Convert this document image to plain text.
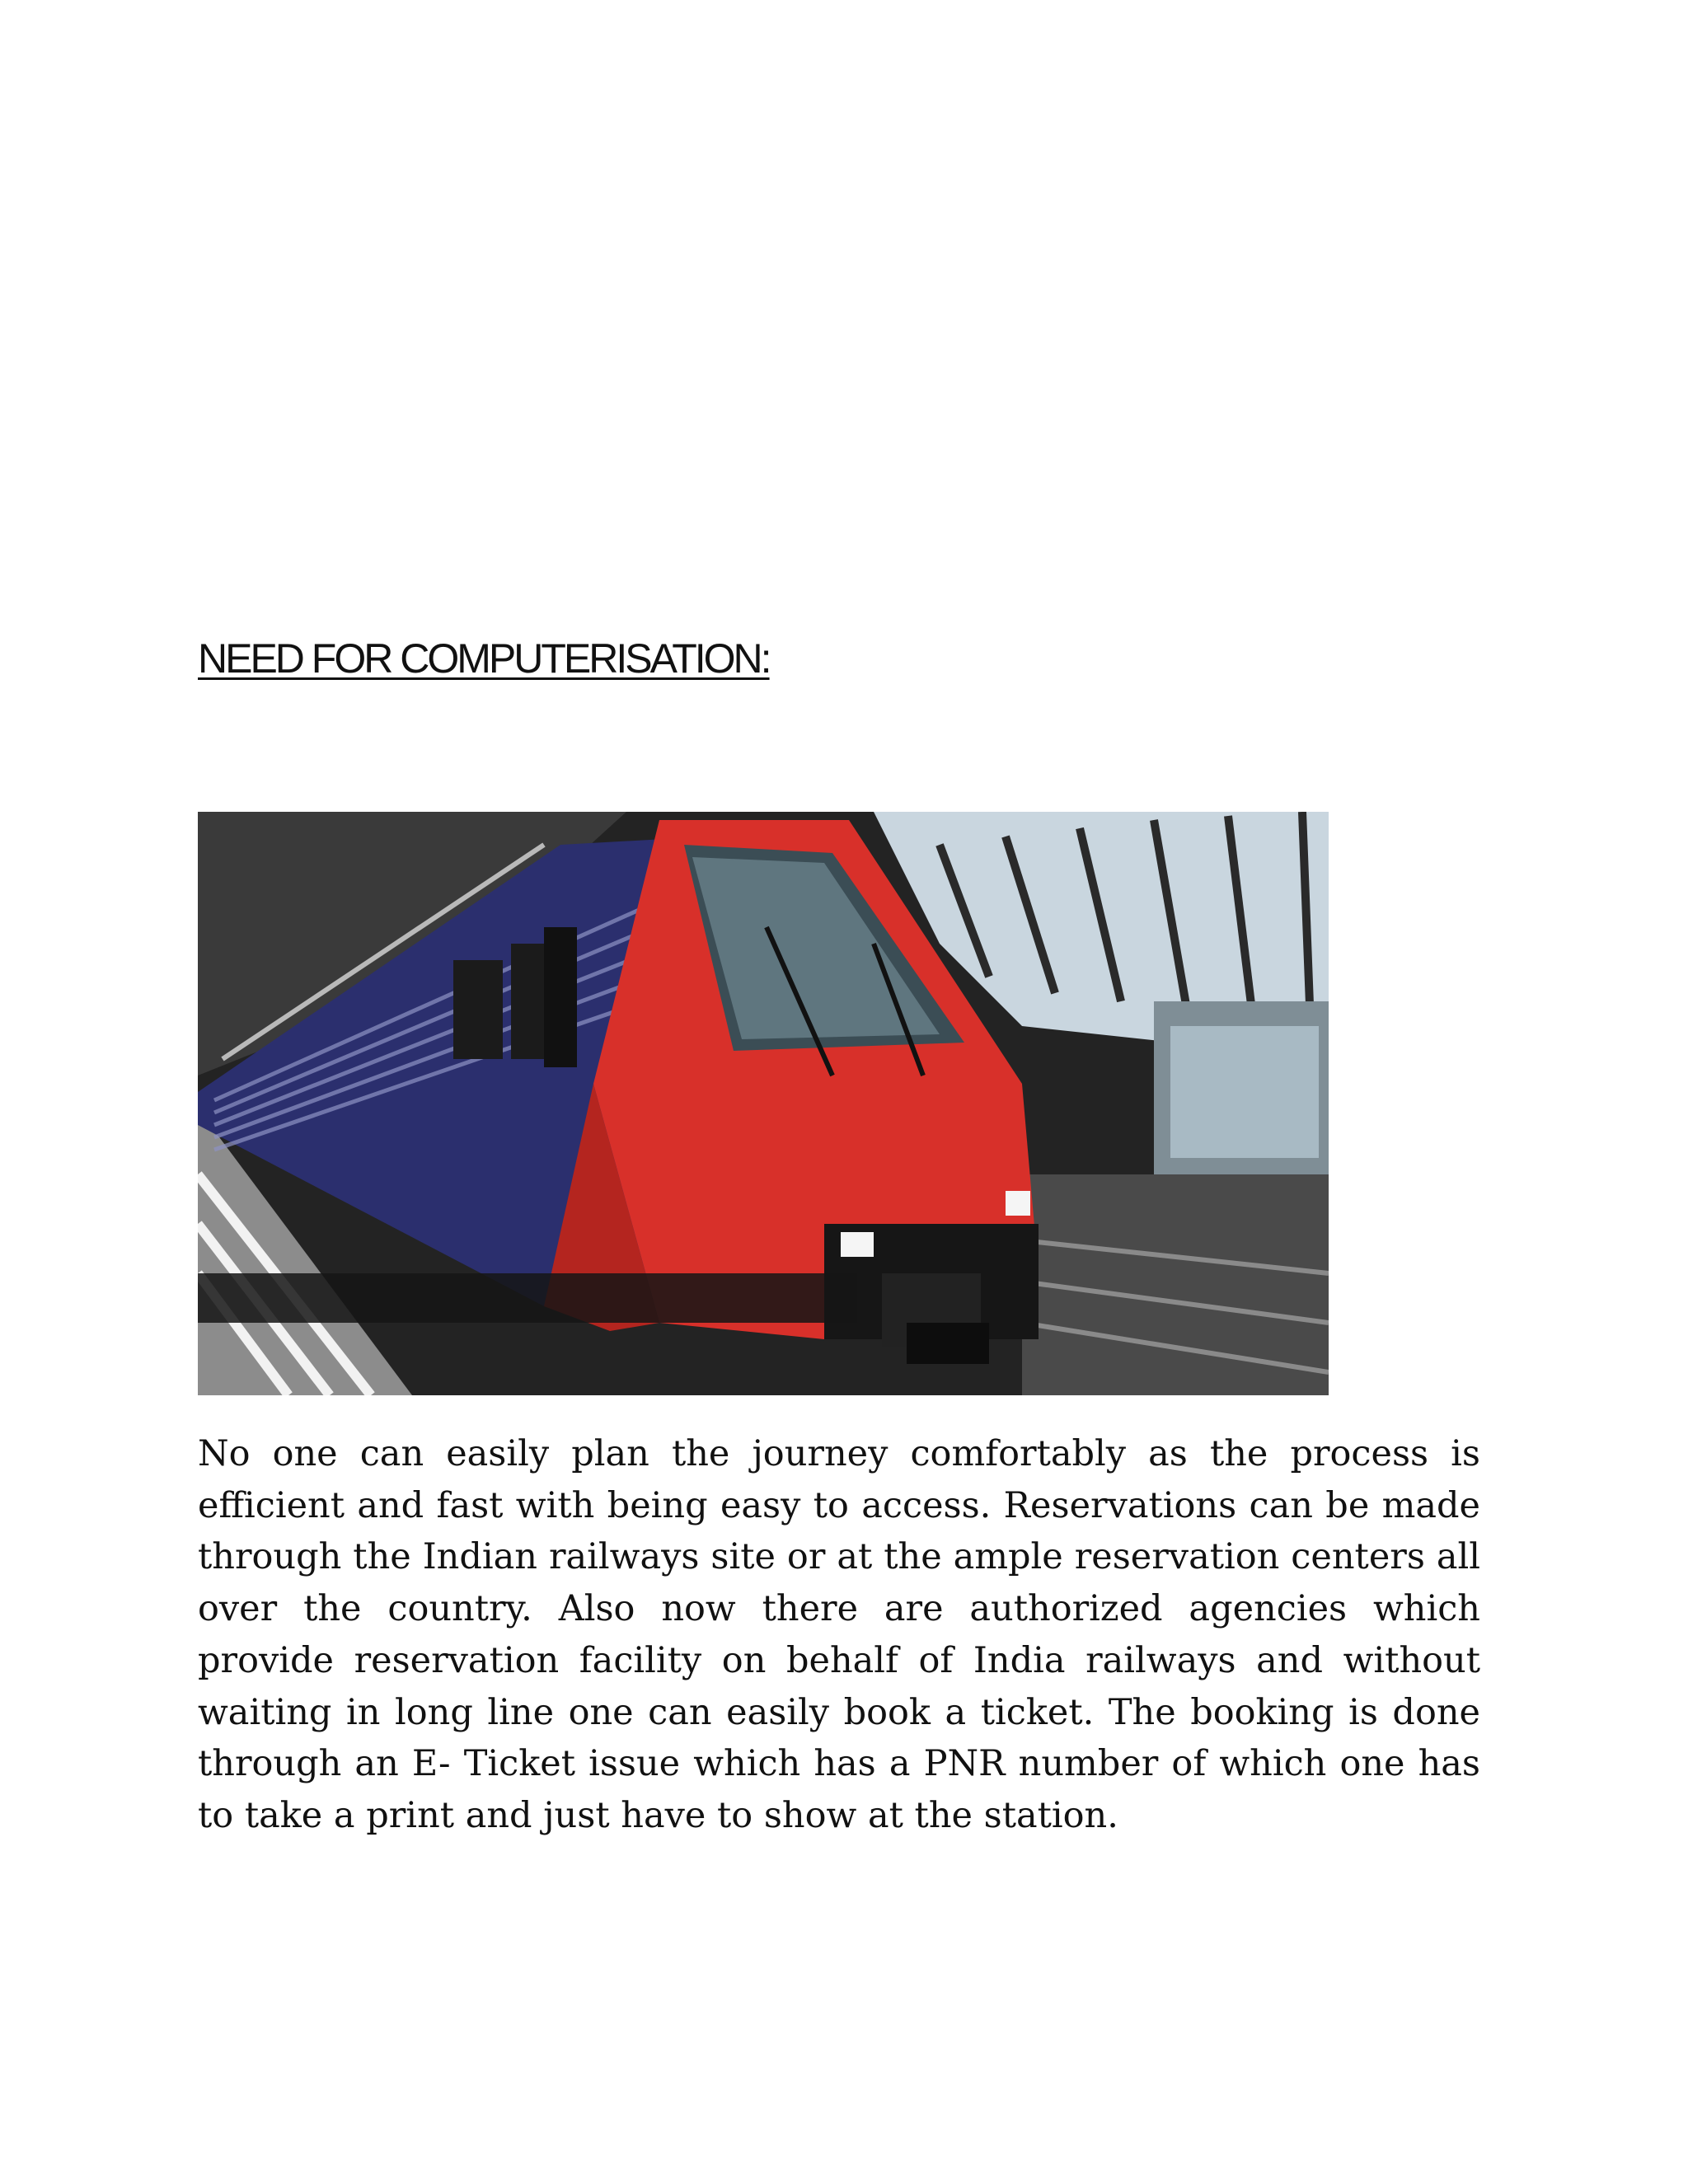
NEED FOR COMPUTERISATION:

No one can easily plan the journey comfortably as the process is efficient and fast with being easy to access. Reservations can be made through the Indian railways site or at the ample reservation centers all over the country. Also now there are authorized agencies which provide reservation facility on behalf of India railways and without waiting in long line one can easily book a ticket. The booking is done through an E- Ticket issue which has a PNR number of which one has to take a print and just have to show at the station.
